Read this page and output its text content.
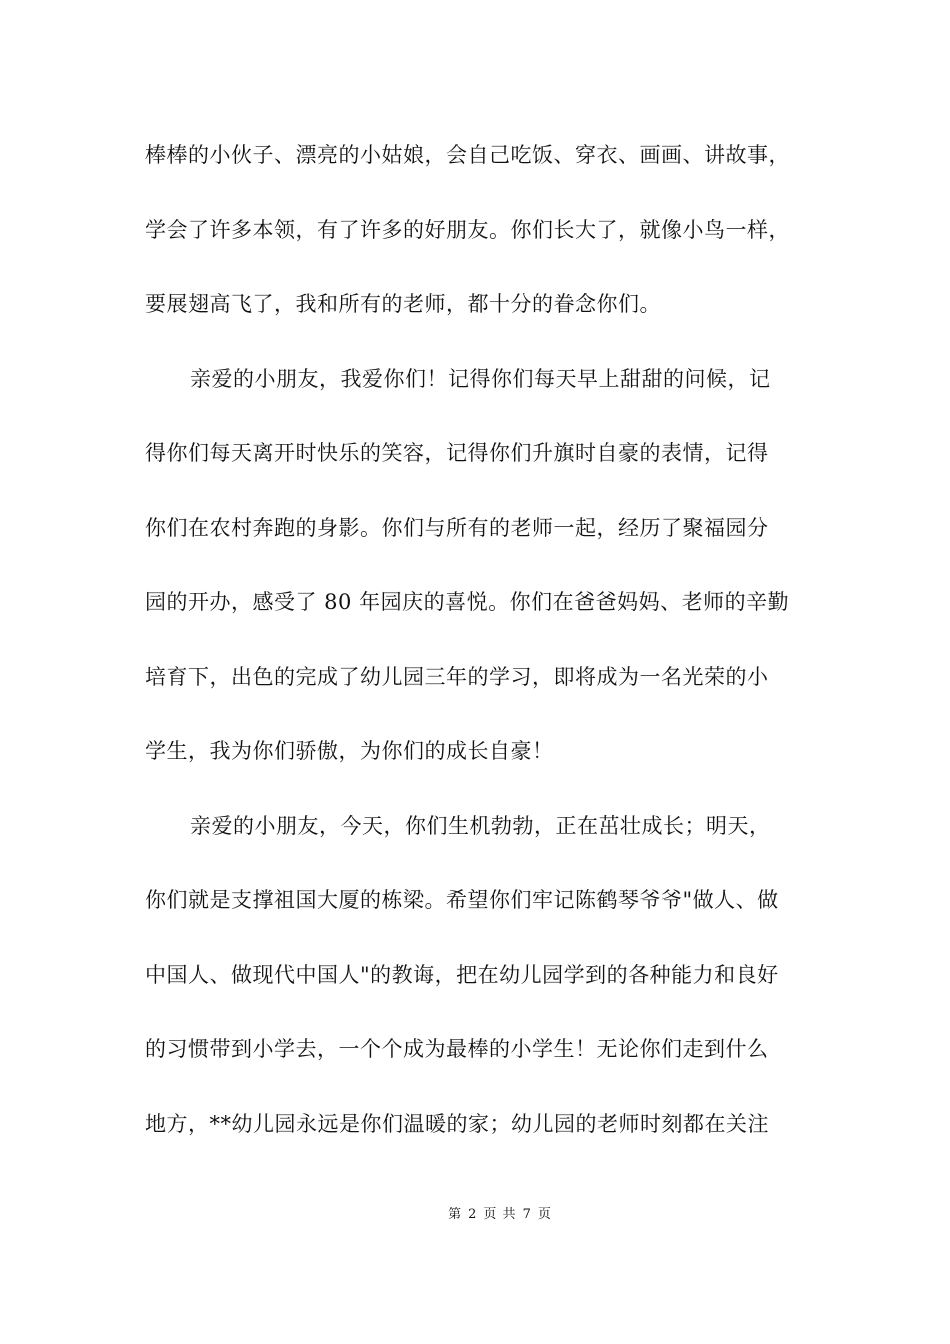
棒棒的小伙子、漂亮的小姑娘，会自己吃饭、穿衣、画画、讲故事，
学会了许多本领，有了许多的好朋友。你们长大了，就像小鸟一样，
要展翅高飞了，我和所有的老师，都十分的眷念你们。
亲爱的小朋友，我爱你们！记得你们每天早上甜甜的问候，记
得你们每天离开时快乐的笑容，记得你们升旗时自豪的表情，记得
你们在农村奔跑的身影。你们与所有的老师一起，经历了聚福园分
园的开办，感受了 80 年园庆的喜悦。你们在爸爸妈妈、老师的辛勤
培育下，出色的完成了幼儿园三年的学习，即将成为一名光荣的小
学生，我为你们骄傲，为你们的成长自豪！
亲爱的小朋友，今天，你们生机勃勃，正在茁壮成长；明天，
你们就是支撑祖国大厦的栋梁。希望你们牢记陈鹤琴爷爷"做人、做
中国人、做现代中国人"的教诲，把在幼儿园学到的各种能力和良好
的习惯带到小学去，一个个成为最棒的小学生！无论你们走到什么
地方，**幼儿园永远是你们温暖的家；幼儿园的老师时刻都在关注
第 2 页 共 7 页
